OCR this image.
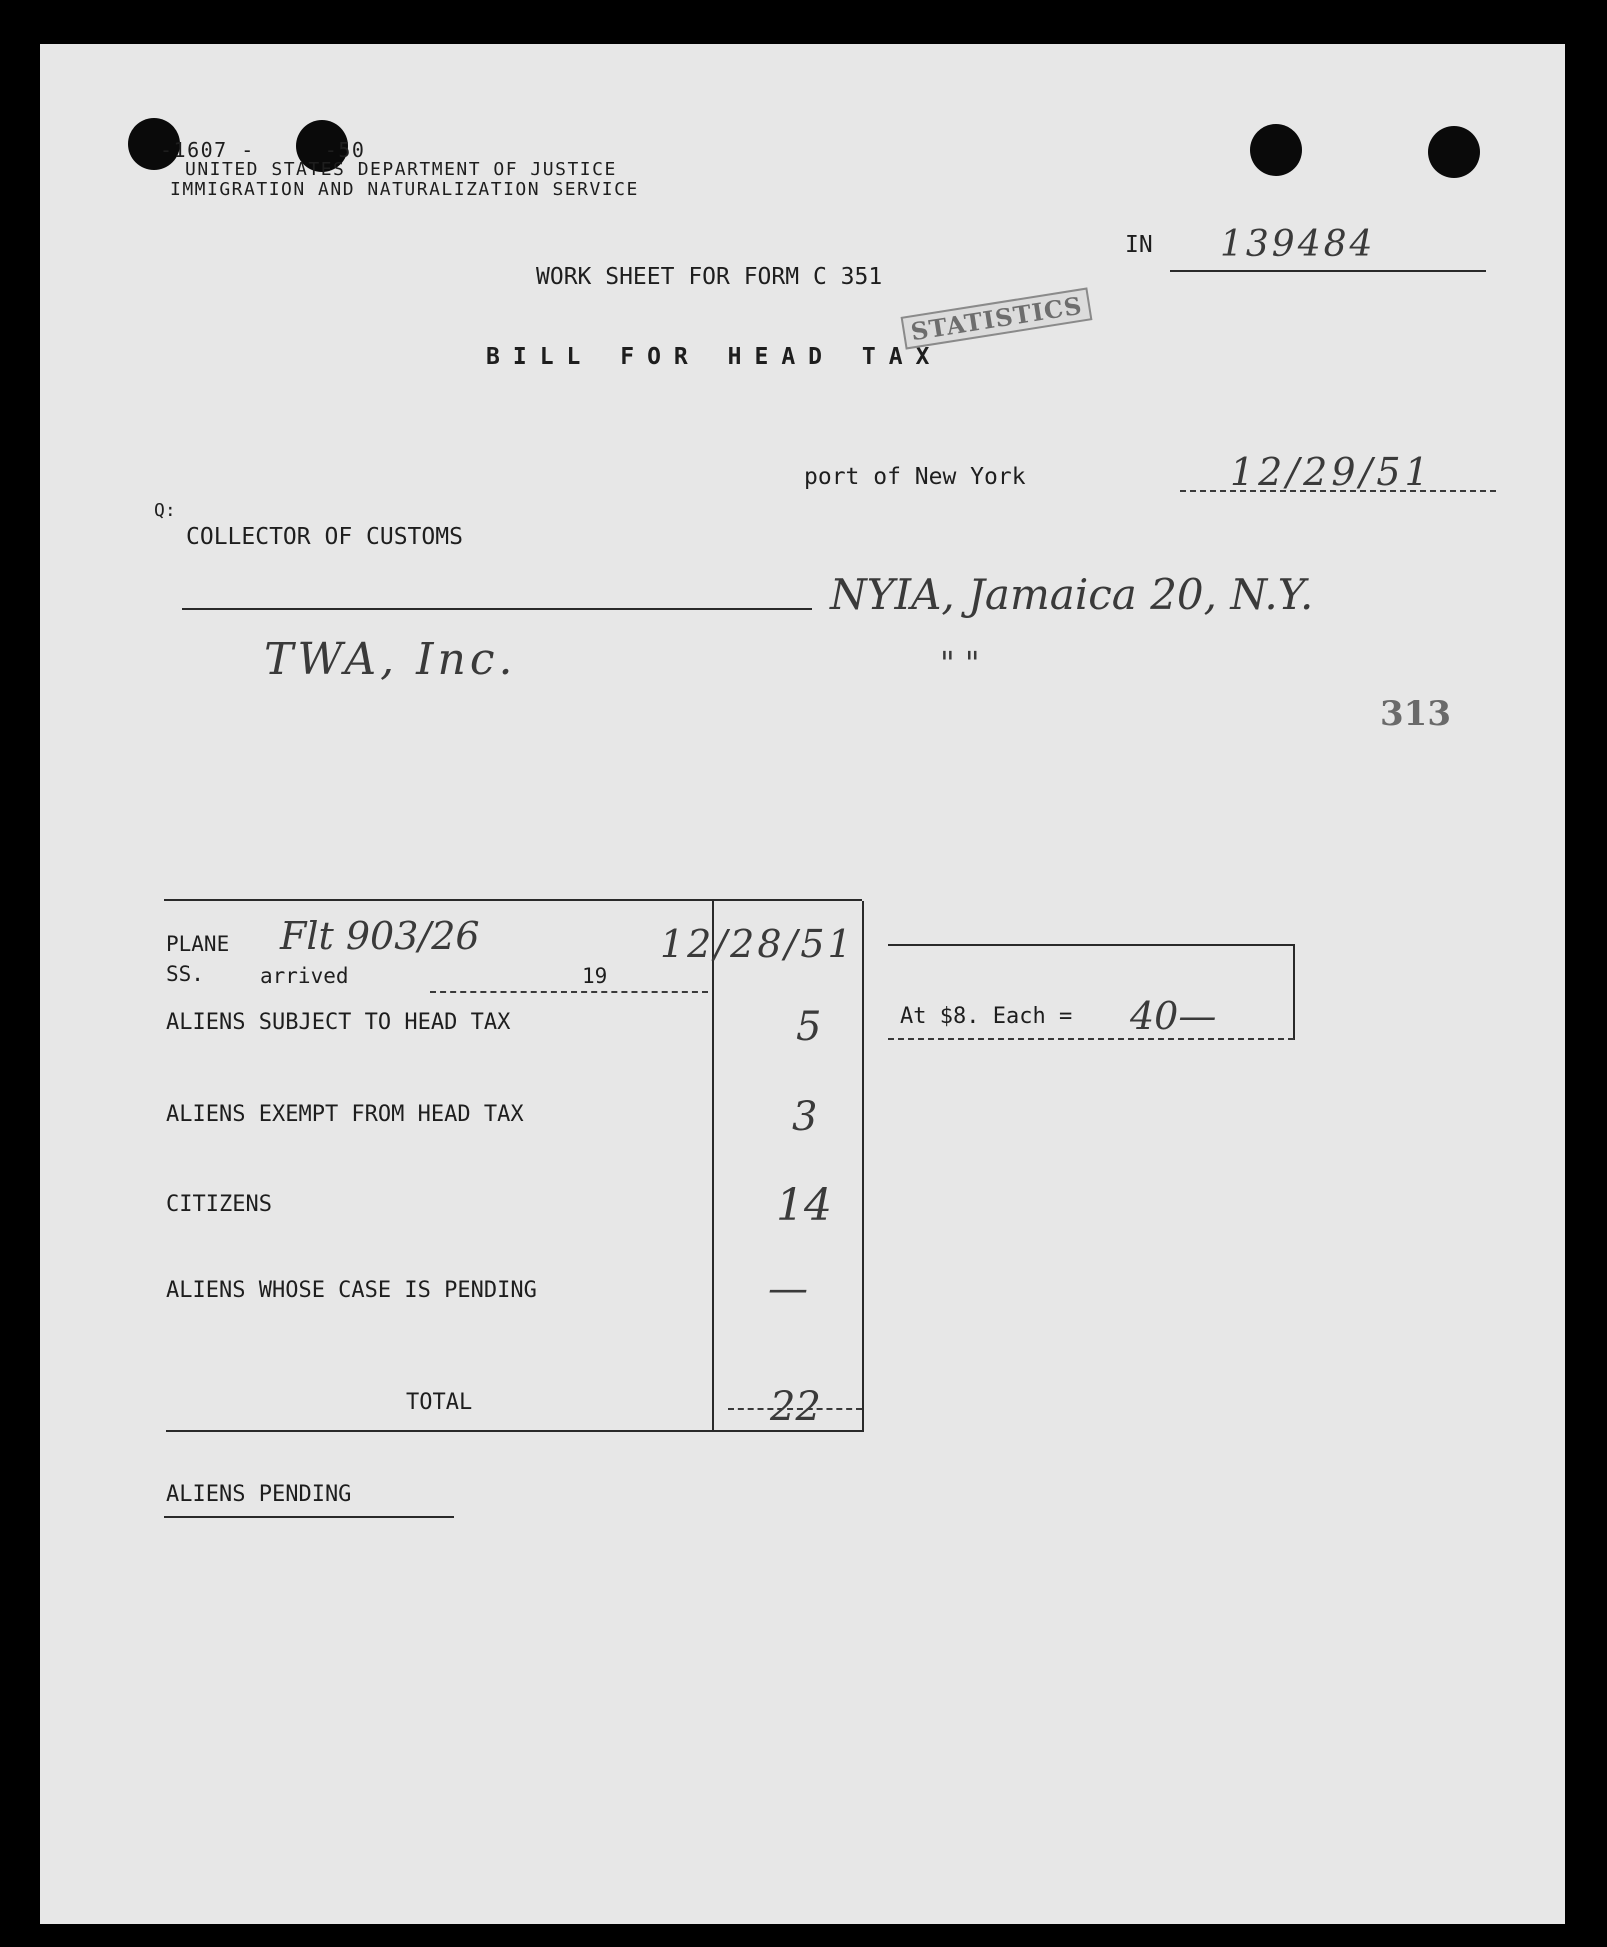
-1607 -	-50
UNITED STATES DEPARTMENT OF JUSTICE
IMMIGRATION AND NATURALIZATION SERVICE
IN 139484
WORK SHEET FOR FORM C 351
BILL FOR HEAD TAX
STATISTICS
port of New York	12/29/51
Q:
COLLECTOR OF CUSTOMS
NYIA, Jamaica 20, N.Y.
TWA, Inc.	" "
313
PLANE
SS.	arrived
Flt 903/26
19
12/28/51
At $8. Each = 40—
ALIENS SUBJECT TO HEAD TAX	5
ALIENS EXEMPT FROM HEAD TAX	3
CITIZENS	14
ALIENS WHOSE CASE IS PENDING	—
TOTAL	22
ALIENS PENDING
